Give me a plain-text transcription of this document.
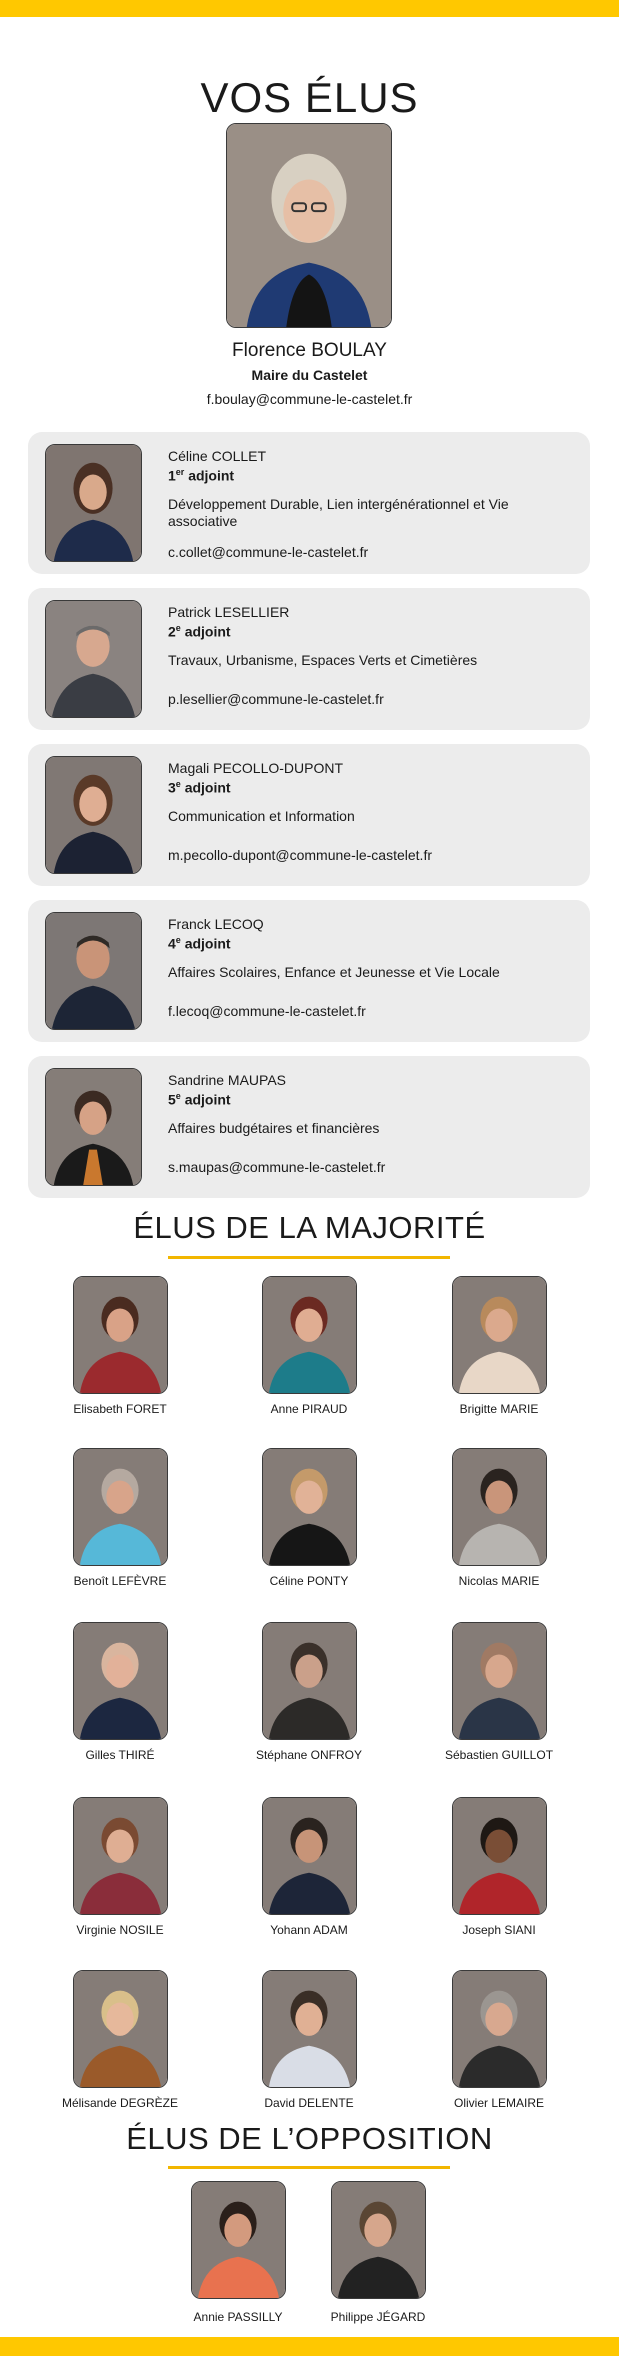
VOS ÉLUS
Florence BOULAY
Maire du Castelet
f.boulay@commune-le-castelet.fr
Céline COLLET
1er adjoint
Développement Durable, Lien intergénérationnel et Vie associative
c.collet@commune-le-castelet.fr
Patrick LESELLIER
2e adjoint
Travaux, Urbanisme, Espaces Verts et Cimetières
p.lesellier@commune-le-castelet.fr
Magali PECOLLO-DUPONT
3e adjoint
Communication et Information
m.pecollo-dupont@commune-le-castelet.fr
Franck LECOQ
4e adjoint
Affaires Scolaires, Enfance et Jeunesse et Vie Locale
f.lecoq@commune-le-castelet.fr
Sandrine MAUPAS
5e adjoint
Affaires budgétaires et financières
s.maupas@commune-le-castelet.fr
ÉLUS DE LA MAJORITÉ
Elisabeth FORET	Anne PIRAUD	Brigitte MARIE
Benoît LEFÈVRE	Céline PONTY	Nicolas MARIE
Gilles THIRÉ	Stéphane ONFROY	Sébastien GUILLOT
Virginie NOSILE	Yohann ADAM	Joseph SIANI
Mélisande DEGRÈZE	David DELENTE	Olivier LEMAIRE
ÉLUS DE L’OPPOSITION
Annie PASSILLY	Philippe JÉGARD
